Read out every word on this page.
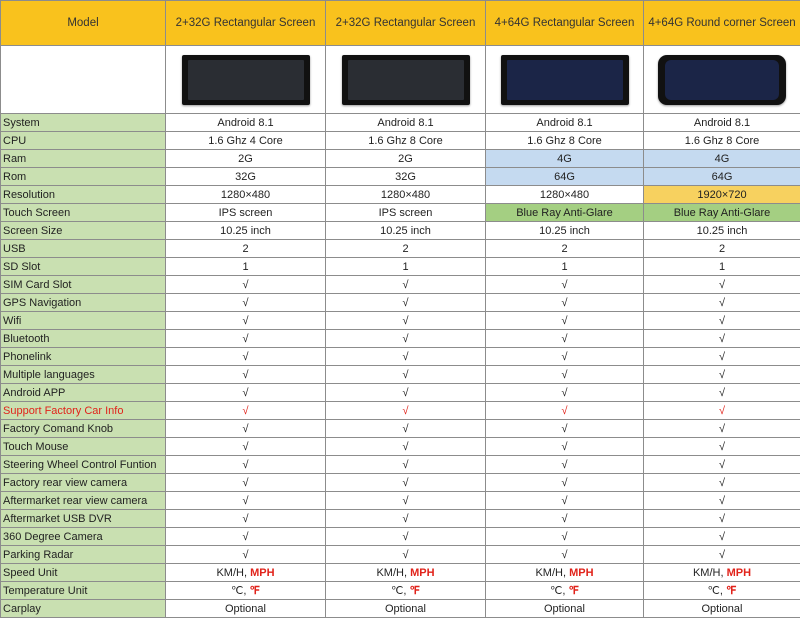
Model	2+32G Rectangular Screen	2+32G Rectangular Screen	4+64G Rectangular Screen	4+64G Round corner Screen

System	Android 8.1	Android 8.1	Android 8.1	Android 8.1
CPU	1.6 Ghz 4 Core	1.6 Ghz 8 Core	1.6 Ghz 8 Core	1.6 Ghz 8 Core
Ram	2G	2G	4G	4G
Rom	32G	32G	64G	64G
Resolution	1280×480	1280×480	1280×480	1920×720
Touch Screen	IPS screen	IPS screen	Blue Ray Anti-Glare	Blue Ray Anti-Glare
Screen Size	10.25 inch	10.25 inch	10.25 inch	10.25 inch
USB	2	2	2	2
SD Slot	1	1	1	1
SIM Card Slot	√	√	√	√
GPS Navigation	√	√	√	√
Wifi	√	√	√	√
Bluetooth	√	√	√	√
Phonelink	√	√	√	√
Multiple languages	√	√	√	√
Android APP	√	√	√	√
Support Factory Car Info	√	√	√	√
Factory Comand Knob	√	√	√	√
Touch Mouse	√	√	√	√
Steering Wheel Control Funtion	√	√	√	√
Factory rear view camera	√	√	√	√
Aftermarket rear view camera	√	√	√	√
Aftermarket USB DVR	√	√	√	√
360 Degree Camera	√	√	√	√
Parking Radar	√	√	√	√
Speed Unit	KM/H, MPH	KM/H, MPH	KM/H, MPH	KM/H, MPH
Temperature Unit	℃, ℉	℃, ℉	℃, ℉	℃, ℉
Carplay	Optional	Optional	Optional	Optional
